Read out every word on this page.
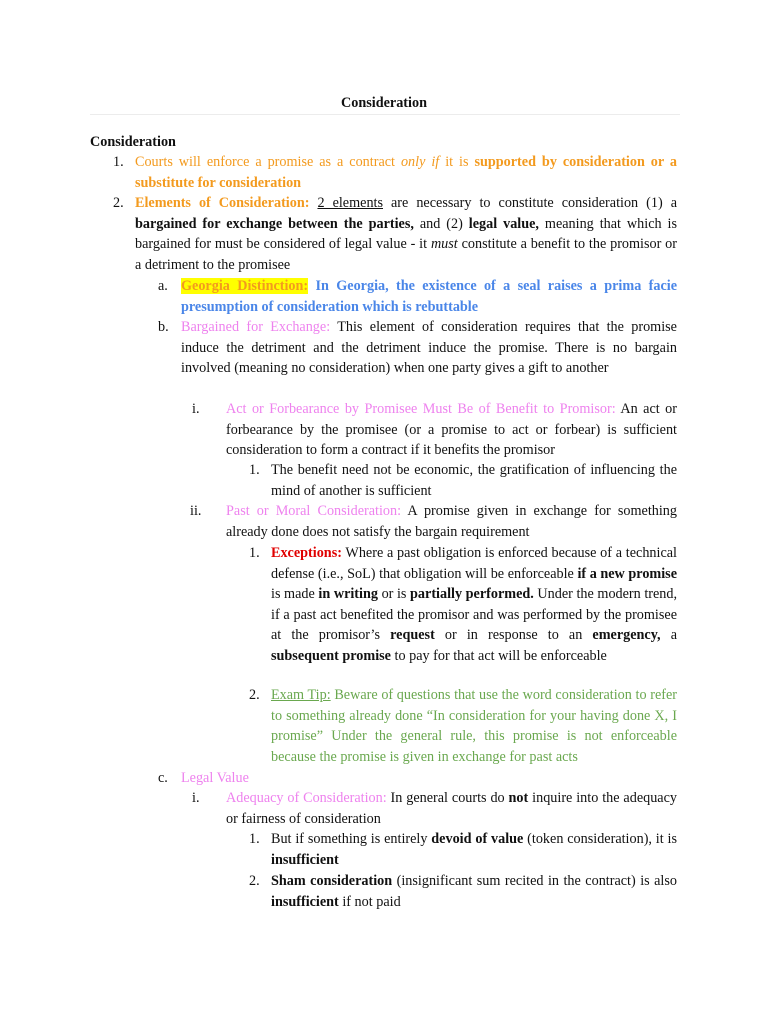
Consideration
Consideration
1. Courts will enforce a promise as a contract only if it is supported by consideration or a substitute for consideration
2. Elements of Consideration: 2 elements are necessary to constitute consideration (1) a bargained for exchange between the parties, and (2) legal value, meaning that which is bargained for must be considered of legal value - it must constitute a benefit to the promisor or a detriment to the promisee
a. Georgia Distinction: In Georgia, the existence of a seal raises a prima facie presumption of consideration which is rebuttable
b. Bargained for Exchange: This element of consideration requires that the promise induce the detriment and the detriment induce the promise. There is no bargain involved (meaning no consideration) when one party gives a gift to another
i. Act or Forbearance by Promisee Must Be of Benefit to Promisor: An act or forbearance by the promisee (or a promise to act or forbear) is sufficient consideration to form a contract if it benefits the promisor
1. The benefit need not be economic, the gratification of influencing the mind of another is sufficient
ii. Past or Moral Consideration: A promise given in exchange for something already done does not satisfy the bargain requirement
1. Exceptions: Where a past obligation is enforced because of a technical defense (i.e., SoL) that obligation will be enforceable if a new promise is made in writing or is partially performed. Under the modern trend, if a past act benefited the promisor and was performed by the promisee at the promisor’s request or in response to an emergency, a subsequent promise to pay for that act will be enforceable
2. Exam Tip: Beware of questions that use the word consideration to refer to something already done “In consideration for your having done X, I promise” Under the general rule, this promise is not enforceable because the promise is given in exchange for past acts
c. Legal Value
i. Adequacy of Consideration: In general courts do not inquire into the adequacy or fairness of consideration
1. But if something is entirely devoid of value (token consideration), it is insufficient
2. Sham consideration (insignificant sum recited in the contract) is also insufficient if not paid
